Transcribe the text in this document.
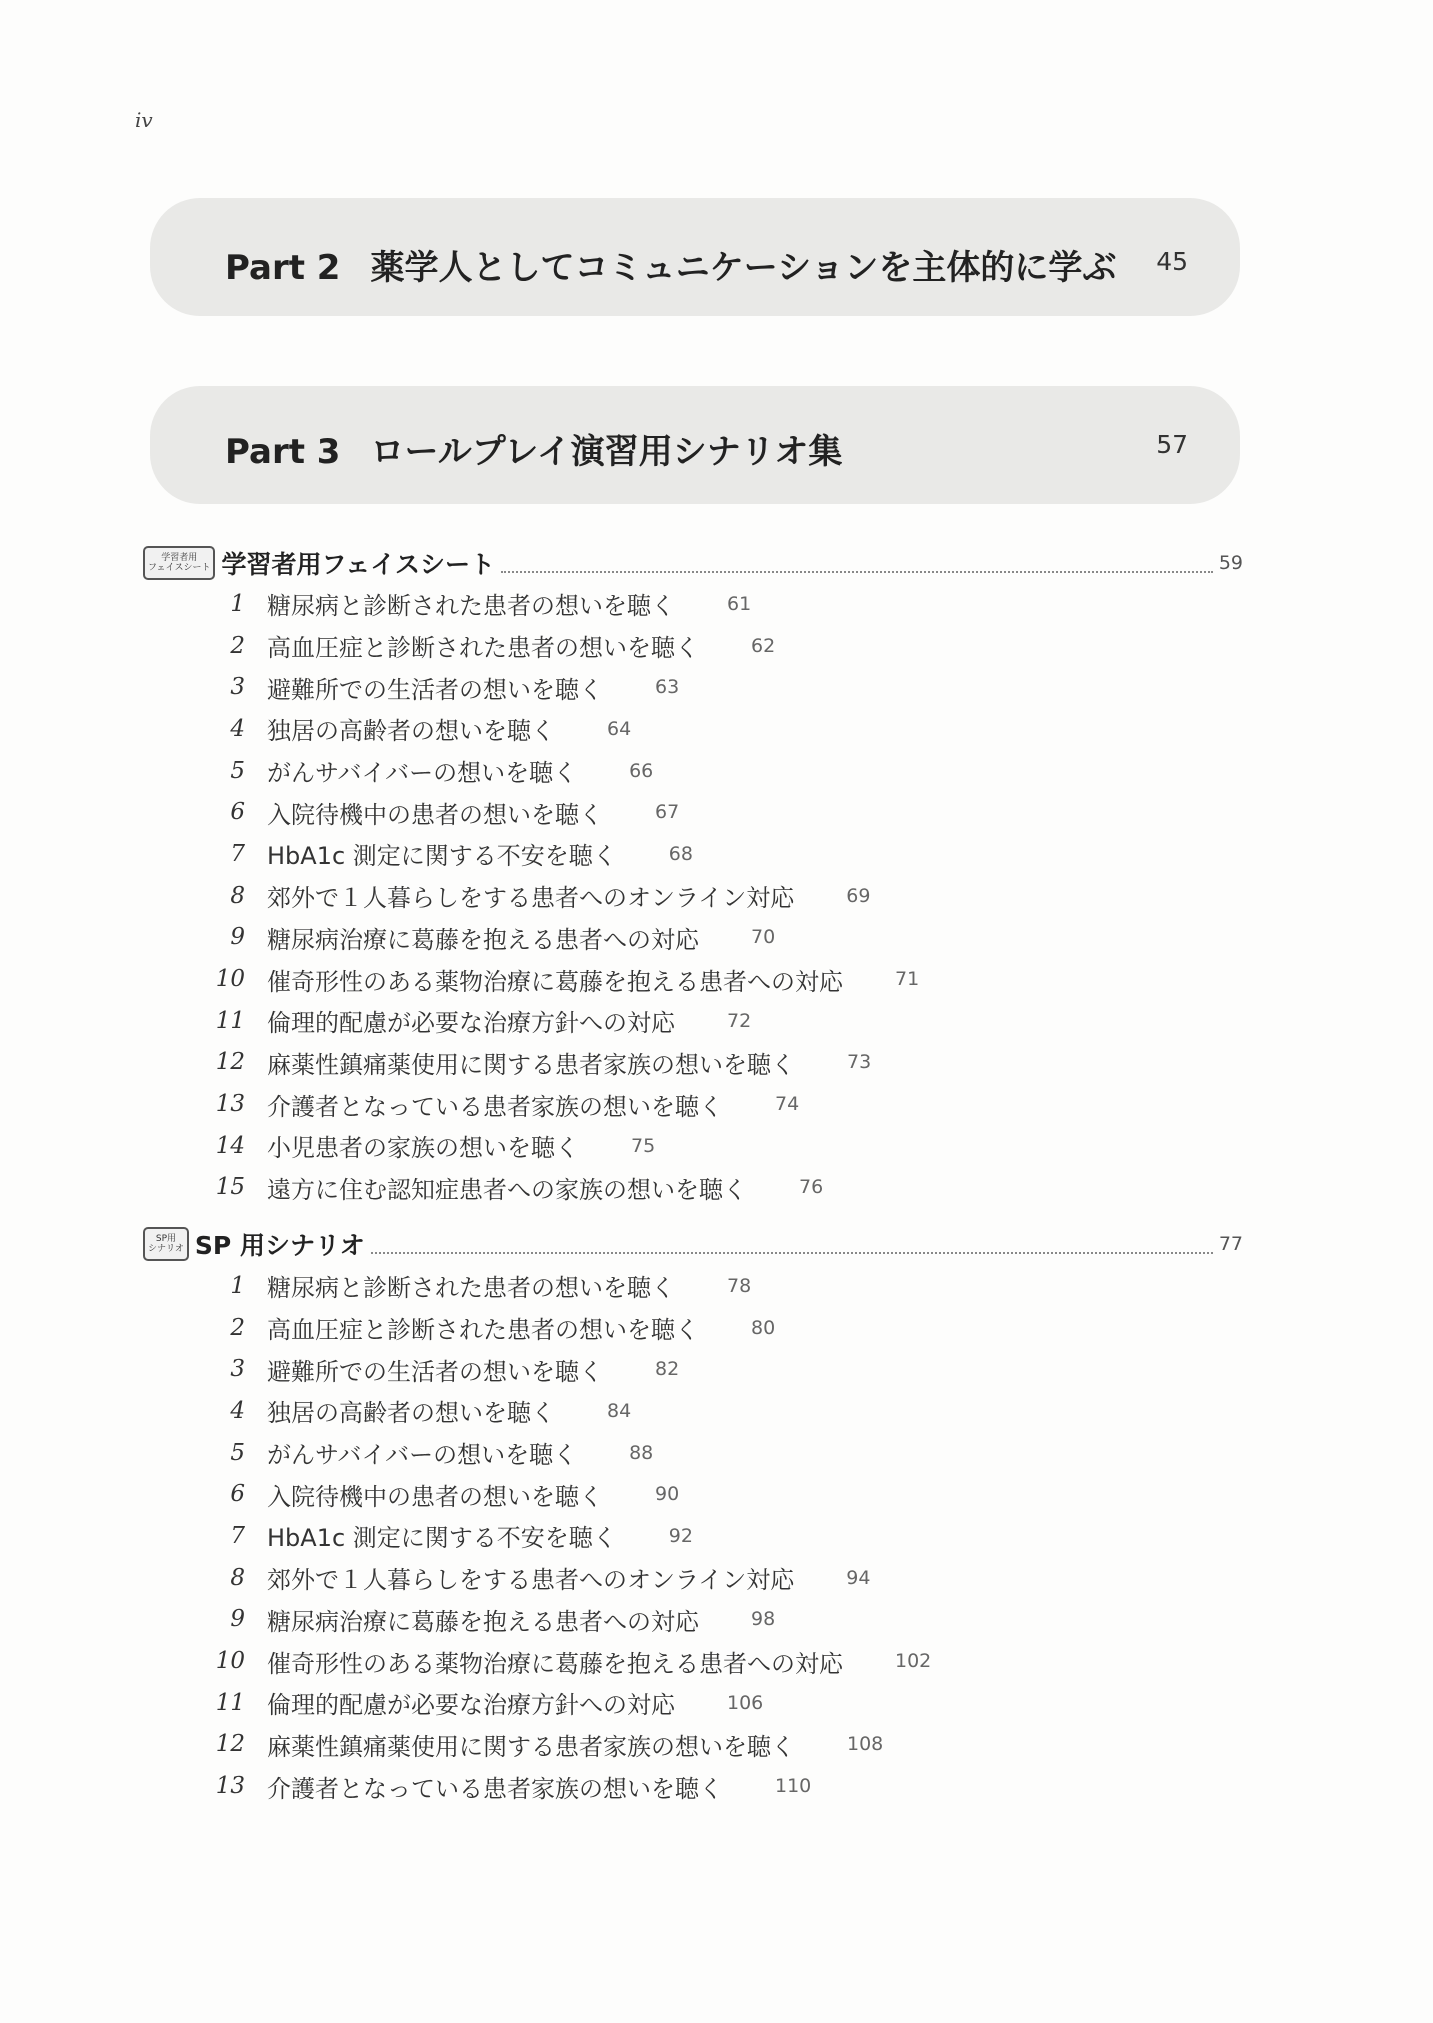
iv
Part 2 薬学人としてコミュニケーションを主体的に学ぶ 45
Part 3 ロールプレイ演習用シナリオ集	57
学習者用
フェイスシート 学習者用フェイスシート	59
1 糖尿病と診断された患者の想いを聴く	61
2 高血圧症と診断された患者の想いを聴く	62
3 避難所での生活者の想いを聴く	63
4 独居の高齢者の想いを聴く	64
5 がんサバイバーの想いを聴く	66
6 入院待機中の患者の想いを聴く	67
7 HbA1c 測定に関する不安を聴く	68
8 郊外で１人暮らしをする患者へのオンライン対応	69
9 糖尿病治療に葛藤を抱える患者への対応	70
10 催奇形性のある薬物治療に葛藤を抱える患者への対応	71
11 倫理的配慮が必要な治療方針への対応	72
12 麻薬性鎮痛薬使用に関する患者家族の想いを聴く	73
13 介護者となっている患者家族の想いを聴く	74
14 小児患者の家族の想いを聴く	75
15 遠方に住む認知症患者への家族の想いを聴く	76
SP用
シナリオ SP 用シナリオ	77
1 糖尿病と診断された患者の想いを聴く	78
2 高血圧症と診断された患者の想いを聴く	80
3 避難所での生活者の想いを聴く	82
4 独居の高齢者の想いを聴く	84
5 がんサバイバーの想いを聴く	88
6 入院待機中の患者の想いを聴く	90
7 HbA1c 測定に関する不安を聴く	92
8 郊外で１人暮らしをする患者へのオンライン対応	94
9 糖尿病治療に葛藤を抱える患者への対応	98
10 催奇形性のある薬物治療に葛藤を抱える患者への対応	102
11 倫理的配慮が必要な治療方針への対応	106
12 麻薬性鎮痛薬使用に関する患者家族の想いを聴く	108
13 介護者となっている患者家族の想いを聴く	110
